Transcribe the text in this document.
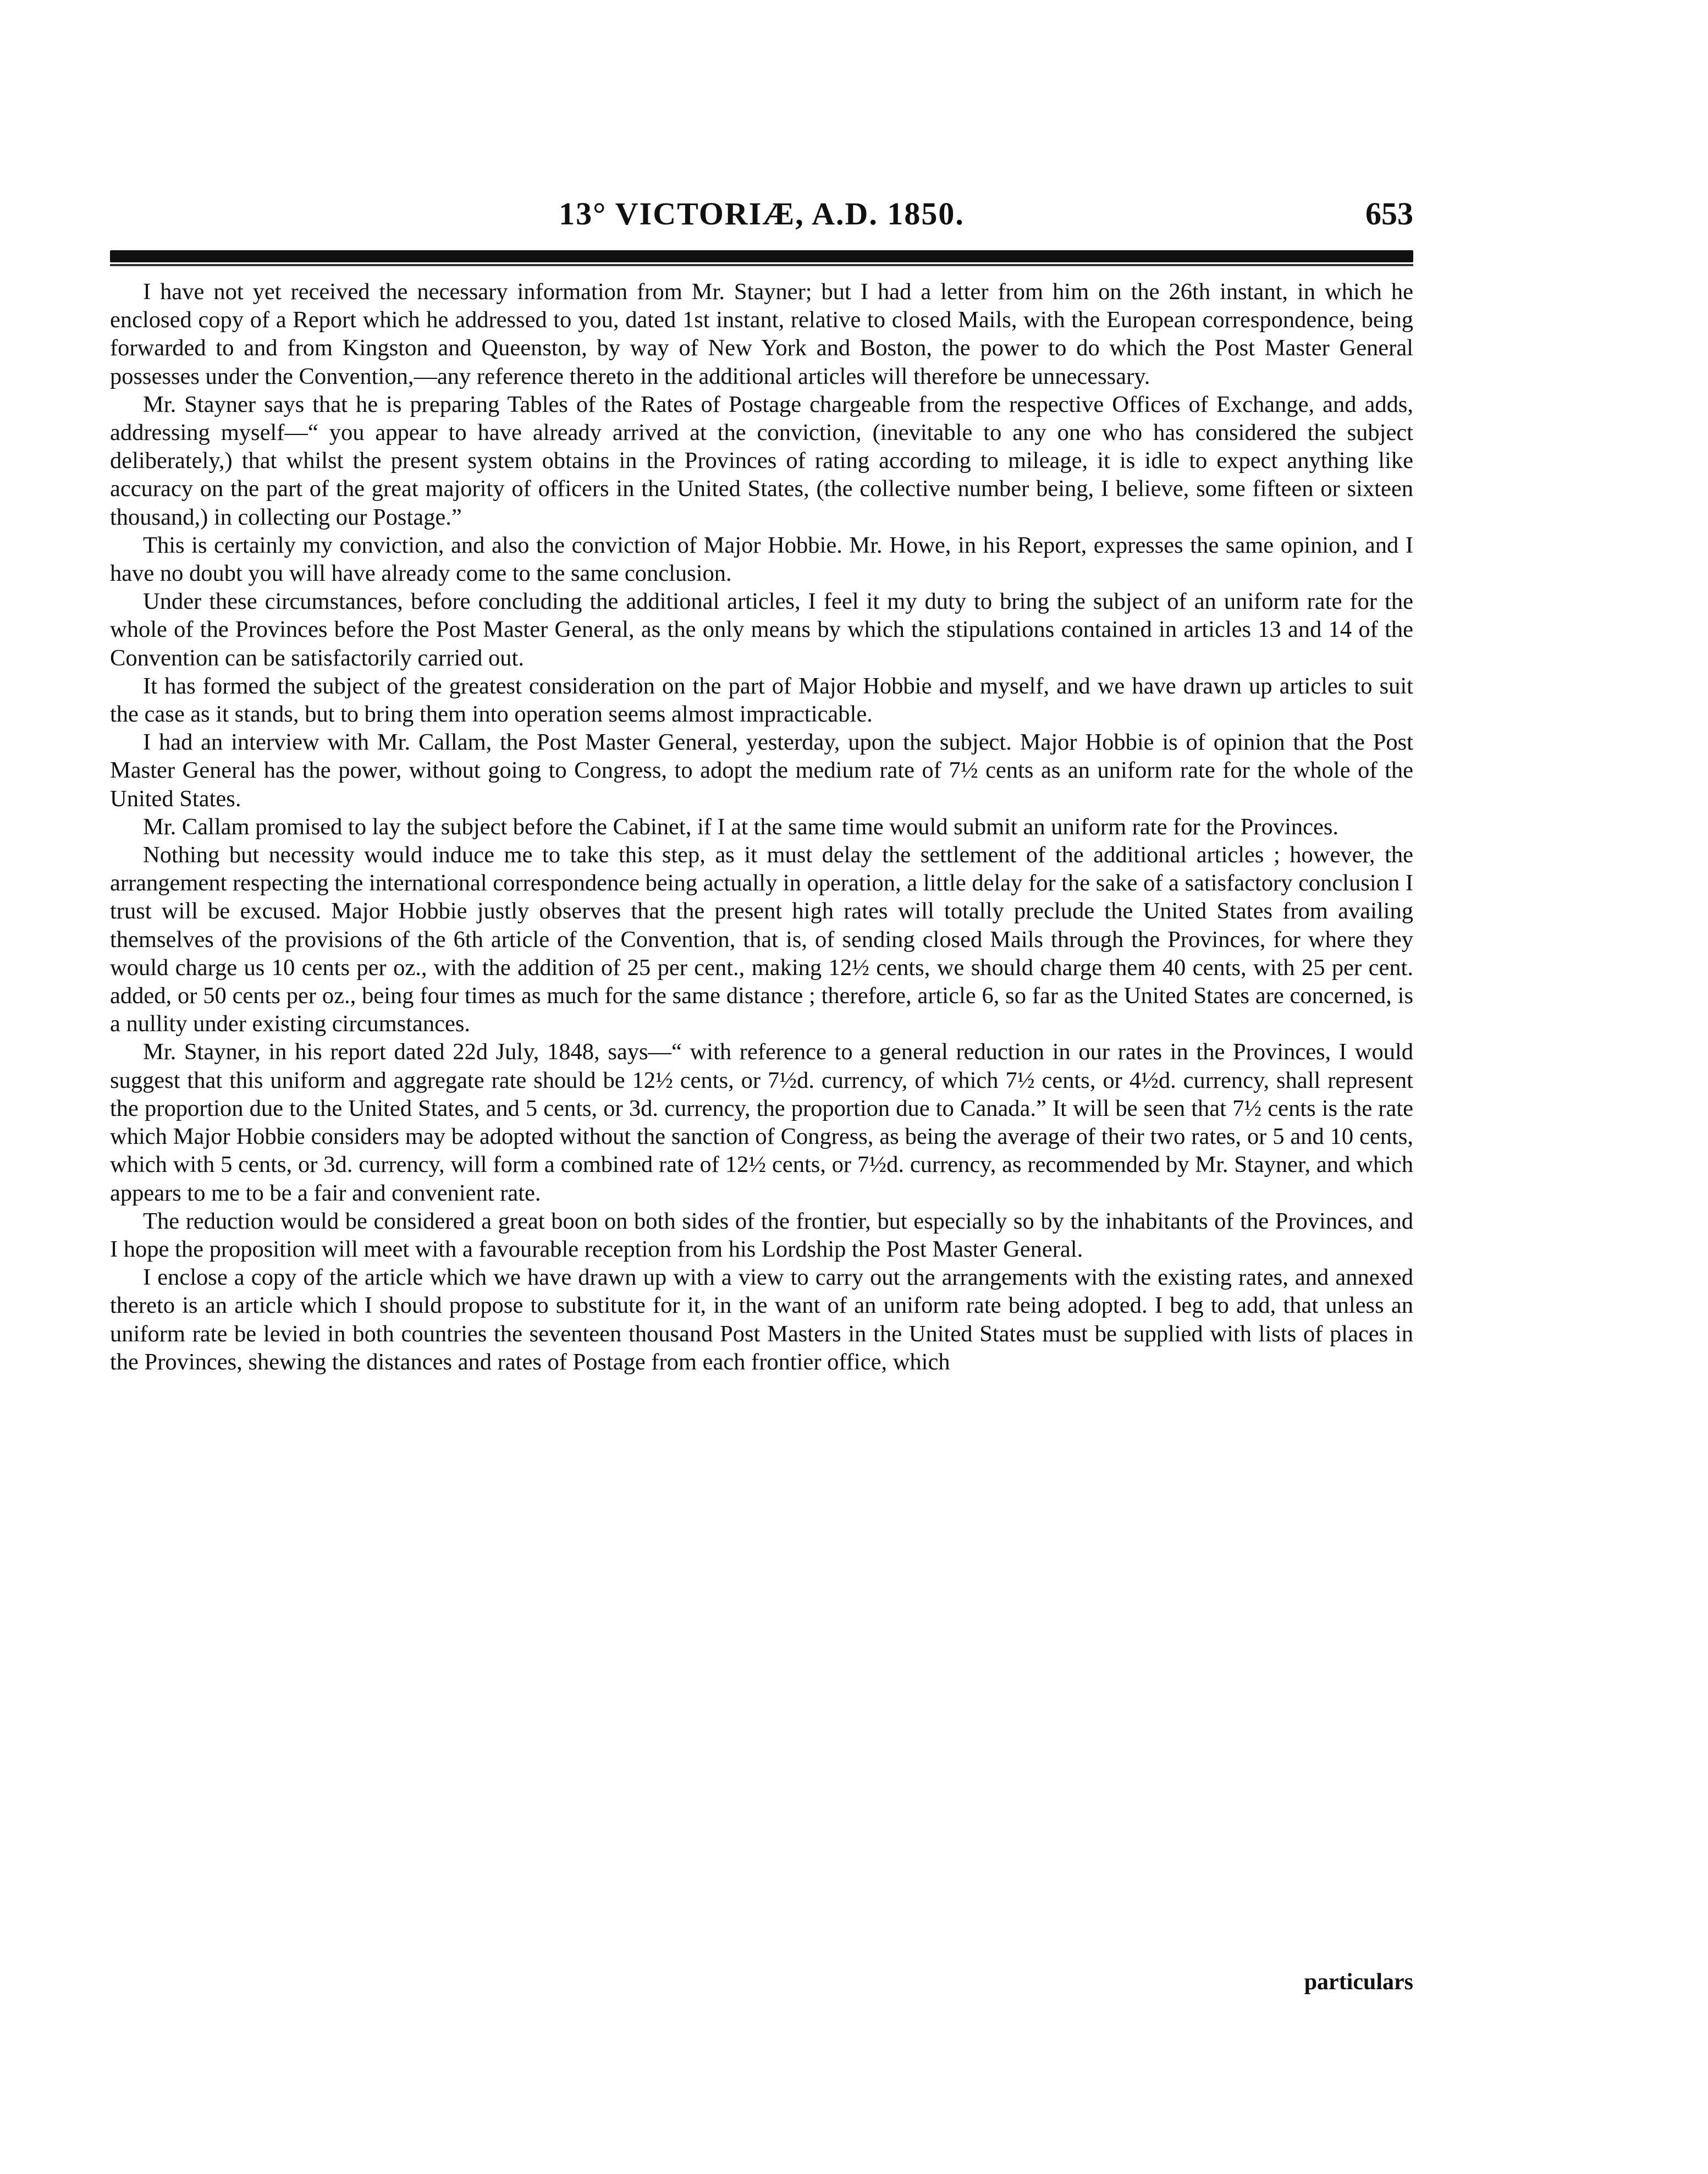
13° VICTORIÆ, A.D. 1850.	653

I have not yet received the necessary information from Mr. Stayner; but I had a letter from him on the 26th instant, in which he enclosed copy of a Report which he addressed to you, dated 1st instant, relative to closed Mails, with the European correspondence, being forwarded to and from Kingston and Queenston, by way of New York and Boston, the power to do which the Post Master General possesses under the Convention,—any reference thereto in the additional articles will therefore be unnecessary.

Mr. Stayner says that he is preparing Tables of the Rates of Postage chargeable from the respective Offices of Exchange, and adds, addressing myself—“ you appear to have already arrived at the conviction, (inevitable to any one who has considered the subject deliberately,) that whilst the present system obtains in the Provinces of rating according to mileage, it is idle to expect anything like accuracy on the part of the great majority of officers in the United States, (the collective number being, I believe, some fifteen or sixteen thousand,) in collecting our Postage.”

This is certainly my conviction, and also the conviction of Major Hobbie. Mr. Howe, in his Report, expresses the same opinion, and I have no doubt you will have already come to the same conclusion.

Under these circumstances, before concluding the additional articles, I feel it my duty to bring the subject of an uniform rate for the whole of the Provinces before the Post Master General, as the only means by which the stipulations contained in articles 13 and 14 of the Convention can be satisfactorily carried out.

It has formed the subject of the greatest consideration on the part of Major Hobbie and myself, and we have drawn up articles to suit the case as it stands, but to bring them into operation seems almost impracticable.

I had an interview with Mr. Callam, the Post Master General, yesterday, upon the subject. Major Hobbie is of opinion that the Post Master General has the power, without going to Congress, to adopt the medium rate of 7½ cents as an uniform rate for the whole of the United States.

Mr. Callam promised to lay the subject before the Cabinet, if I at the same time would submit an uniform rate for the Provinces.

Nothing but necessity would induce me to take this step, as it must delay the settlement of the additional articles ; however, the arrangement respecting the international correspondence being actually in operation, a little delay for the sake of a satisfactory conclusion I trust will be excused. Major Hobbie justly observes that the present high rates will totally preclude the United States from availing themselves of the provisions of the 6th article of the Convention, that is, of sending closed Mails through the Provinces, for where they would charge us 10 cents per oz., with the addition of 25 per cent., making 12½ cents, we should charge them 40 cents, with 25 per cent. added, or 50 cents per oz., being four times as much for the same distance ; therefore, article 6, so far as the United States are concerned, is a nullity under existing circumstances.

Mr. Stayner, in his report dated 22d July, 1848, says—“ with reference to a general reduction in our rates in the Provinces, I would suggest that this uniform and aggregate rate should be 12½ cents, or 7½d. currency, of which 7½ cents, or 4½d. currency, shall represent the proportion due to the United States, and 5 cents, or 3d. currency, the proportion due to Canada.” It will be seen that 7½ cents is the rate which Major Hobbie considers may be adopted without the sanction of Congress, as being the average of their two rates, or 5 and 10 cents, which with 5 cents, or 3d. currency, will form a combined rate of 12½ cents, or 7½d. currency, as recommended by Mr. Stayner, and which appears to me to be a fair and convenient rate.

The reduction would be considered a great boon on both sides of the frontier, but especially so by the inhabitants of the Provinces, and I hope the proposition will meet with a favourable reception from his Lordship the Post Master General.

I enclose a copy of the article which we have drawn up with a view to carry out the arrangements with the existing rates, and annexed thereto is an article which I should propose to substitute for it, in the want of an uniform rate being adopted. I beg to add, that unless an uniform rate be levied in both countries the seventeen thousand Post Masters in the United States must be supplied with lists of places in the Provinces, shewing the distances and rates of Postage from each frontier office, which

particulars
